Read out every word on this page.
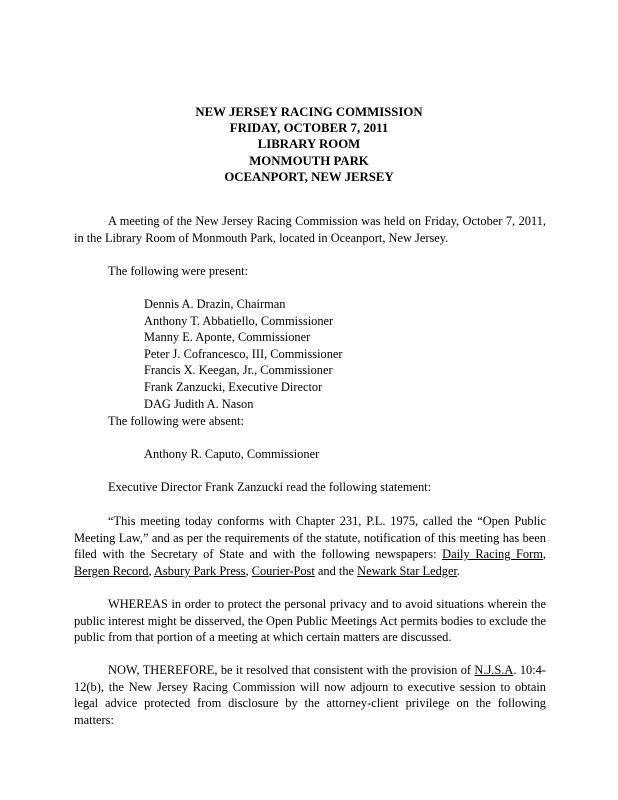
NEW JERSEY RACING COMMISSION
FRIDAY, OCTOBER 7, 2011
LIBRARY ROOM
MONMOUTH PARK
OCEANPORT, NEW JERSEY

A meeting of the New Jersey Racing Commission was held on Friday, October 7, 2011, in the Library Room of Monmouth Park, located in Oceanport, New Jersey.

The following were present:
Dennis A. Drazin, Chairman
Anthony T. Abbatiello, Commissioner
Manny E. Aponte, Commissioner
Peter J. Cofrancesco, III, Commissioner
Francis X. Keegan, Jr., Commissioner
Frank Zanzucki, Executive Director
DAG Judith A. Nason
The following were absent:
Anthony R. Caputo, Commissioner
Executive Director Frank Zanzucki read the following statement:

“This meeting today conforms with Chapter 231, P.L. 1975, called the “Open Public Meeting Law,” and as per the requirements of the statute, notification of this meeting has been filed with the Secretary of State and with the following newspapers: Daily Racing Form, Bergen Record, Asbury Park Press, Courier-Post and the Newark Star Ledger.

WHEREAS in order to protect the personal privacy and to avoid situations wherein the public interest might be disserved, the Open Public Meetings Act permits bodies to exclude the public from that portion of a meeting at which certain matters are discussed.

NOW, THEREFORE, be it resolved that consistent with the provision of N.J.S.A. 10:4-12(b), the New Jersey Racing Commission will now adjourn to executive session to obtain legal advice protected from disclosure by the attorney-client privilege on the following matters:
